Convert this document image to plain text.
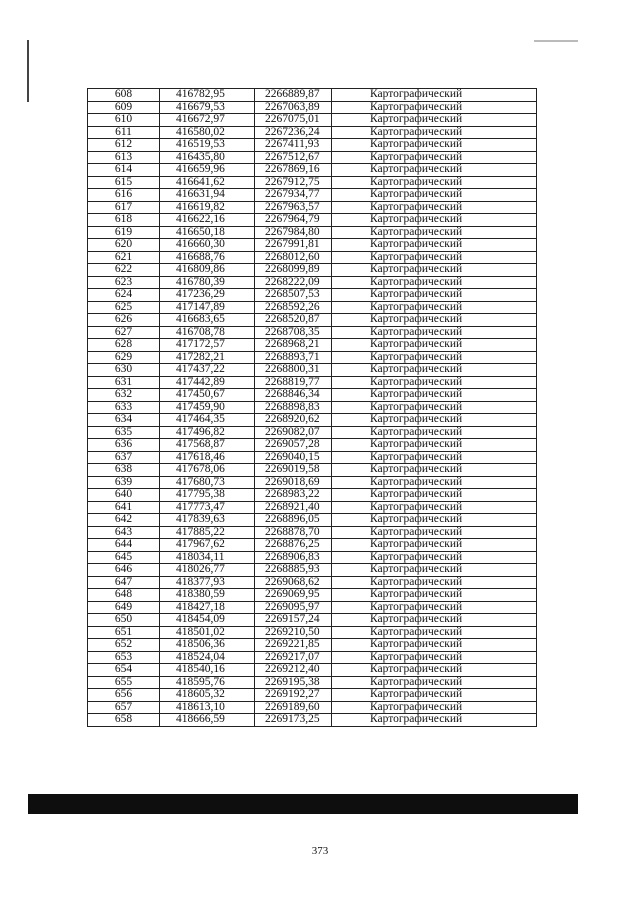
608	416782,95	2266889,87	Картографический
609	416679,53	2267063,89	Картографический
610	416672,97	2267075,01	Картографический
611	416580,02	2267236,24	Картографический
612	416519,53	2267411,93	Картографический
613	416435,80	2267512,67	Картографический
614	416659,96	2267869,16	Картографический
615	416641,62	2267912,75	Картографический
616	416631,94	2267934,77	Картографический
617	416619,82	2267963,57	Картографический
618	416622,16	2267964,79	Картографический
619	416650,18	2267984,80	Картографический
620	416660,30	2267991,81	Картографический
621	416688,76	2268012,60	Картографический
622	416809,86	2268099,89	Картографический
623	416780,39	2268222,09	Картографический
624	417236,29	2268507,53	Картографический
625	417147,89	2268592,26	Картографический
626	416683,65	2268520,87	Картографический
627	416708,78	2268708,35	Картографический
628	417172,57	2268968,21	Картографический
629	417282,21	2268893,71	Картографический
630	417437,22	2268800,31	Картографический
631	417442,89	2268819,77	Картографический
632	417450,67	2268846,34	Картографический
633	417459,90	2268898,83	Картографический
634	417464,35	2268920,62	Картографический
635	417496,82	2269082,07	Картографический
636	417568,87	2269057,28	Картографический
637	417618,46	2269040,15	Картографический
638	417678,06	2269019,58	Картографический
639	417680,73	2269018,69	Картографический
640	417795,38	2268983,22	Картографический
641	417773,47	2268921,40	Картографический
642	417839,63	2268896,05	Картографический
643	417885,22	2268878,70	Картографический
644	417967,62	2268876,25	Картографический
645	418034,11	2268906,83	Картографический
646	418026,77	2268885,93	Картографический
647	418377,93	2269068,62	Картографический
648	418380,59	2269069,95	Картографический
649	418427,18	2269095,97	Картографический
650	418454,09	2269157,24	Картографический
651	418501,02	2269210,50	Картографический
652	418506,36	2269221,85	Картографический
653	418524,04	2269217,07	Картографический
654	418540,16	2269212,40	Картографический
655	418595,76	2269195,38	Картографический
656	418605,32	2269192,27	Картографический
657	418613,10	2269189,60	Картографический
658	418666,59	2269173,25	Картографический
373
